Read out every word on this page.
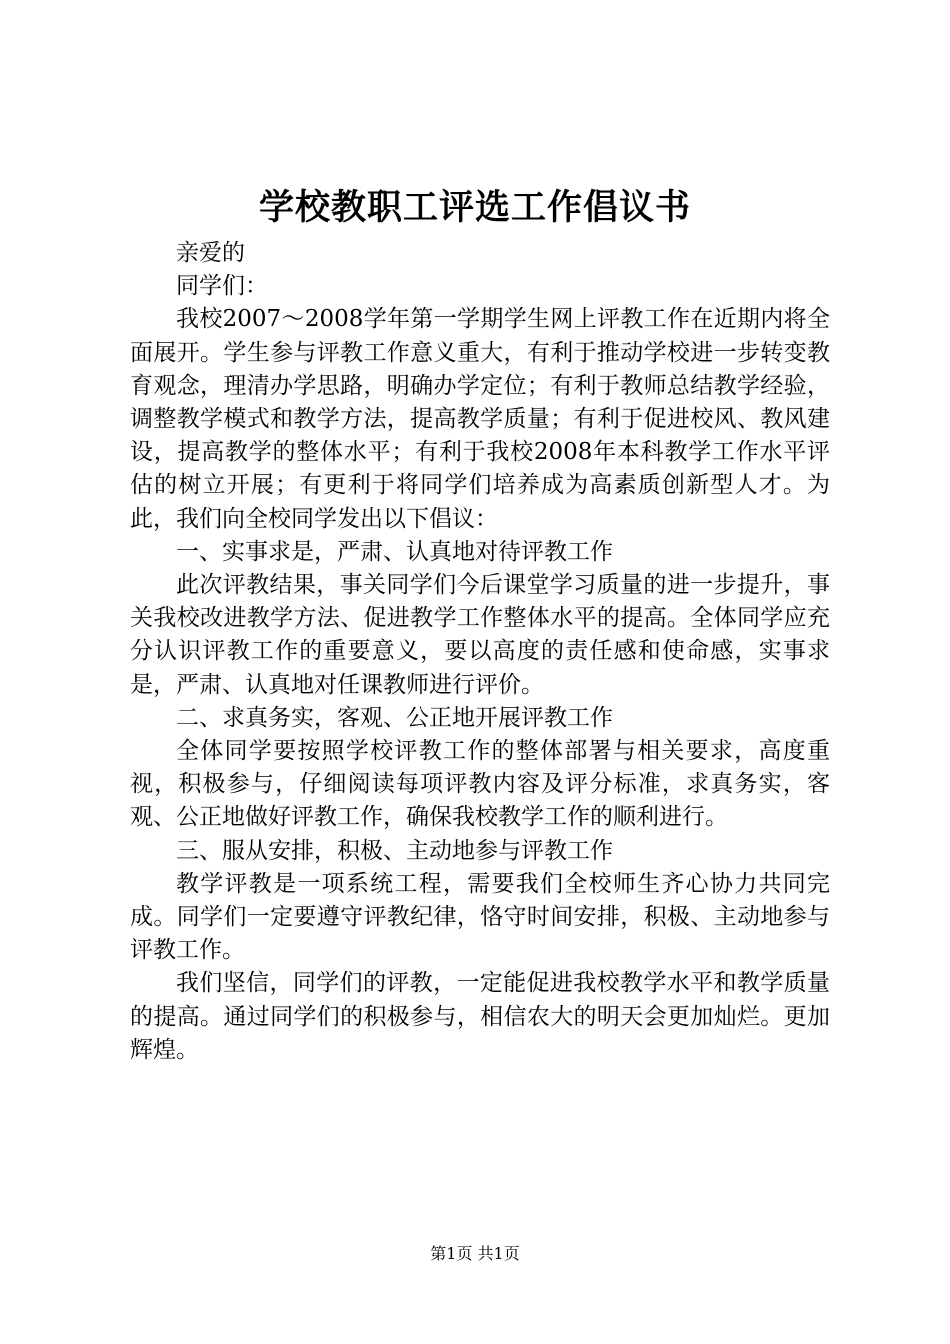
学校教职工评选工作倡议书

亲爱的

同学们：

我校2007～2008学年第一学期学生网上评教工作在近期内将全面展开。学生参与评教工作意义重大，有利于推动学校进一步转变教育观念，理清办学思路，明确办学定位；有利于教师总结教学经验，调整教学模式和教学方法，提高教学质量；有利于促进校风、教风建设，提高教学的整体水平；有利于我校2008年本科教学工作水平评估的树立开展；有更利于将同学们培养成为高素质创新型人才。为此，我们向全校同学发出以下倡议：

一、实事求是，严肃、认真地对待评教工作

此次评教结果，事关同学们今后课堂学习质量的进一步提升，事关我校改进教学方法、促进教学工作整体水平的提高。全体同学应充分认识评教工作的重要意义，要以高度的责任感和使命感，实事求是，严肃、认真地对任课教师进行评价。

二、求真务实，客观、公正地开展评教工作

全体同学要按照学校评教工作的整体部署与相关要求，高度重视，积极参与，仔细阅读每项评教内容及评分标准，求真务实，客观、公正地做好评教工作，确保我校教学工作的顺利进行。

三、服从安排，积极、主动地参与评教工作

教学评教是一项系统工程，需要我们全校师生齐心协力共同完成。同学们一定要遵守评教纪律，恪守时间安排，积极、主动地参与评教工作。

我们坚信，同学们的评教，一定能促进我校教学水平和教学质量的提高。通过同学们的积极参与，相信农大的明天会更加灿烂。更加辉煌。

第1页 共1页
